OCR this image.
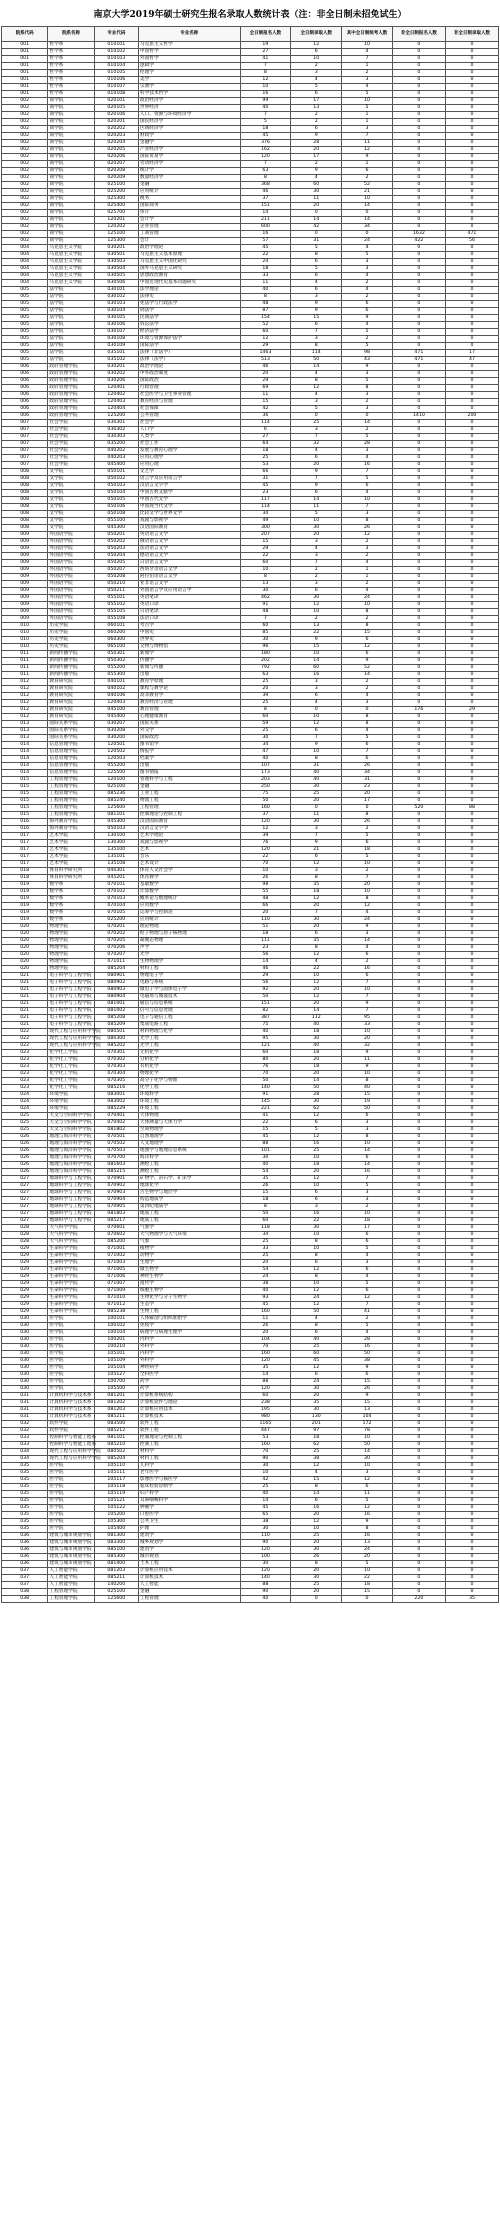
南京大学2019年硕士研究生报名录取人数统计表（注：非全日制未招免试生）
院系代码	院系名称	专业代码	专业名称	全日制报名人数	全日制录取人数	其中全日制统考人数	非全日制报名人数	非全日制录取人数
001	哲学系	010101	马克思主义哲学	19	12	10	0	0
001	哲学系	010102	中国哲学	27	6	4	0	0
001	哲学系	010103	外国哲学	41	10	7	0	0
001	哲学系	010104	逻辑学	7	2	1	0	0
001	哲学系	010105	伦理学	8	3	2	0	0
001	哲学系	010106	美学	12	4	3	0	0
001	哲学系	010107	宗教学	10	5	4	0	0
001	哲学系	010108	科学技术哲学	16	6	5	0	0
002	商学院	020101	政治经济学	99	17	10	0	0
002	商学院	020105	世界经济	40	13	5	0	0
002	商学院	020106	人口、资源与环境经济学	7	2	1	0	0
002	商学院	020201	国民经济学	5	2	1	0	0
002	商学院	020202	区域经济学	18	6	3	0	0
002	商学院	020203	财政学	45	9	7	0	0
002	商学院	020204	金融学	376	28	11	0	0
002	商学院	020205	产业经济学	162	20	12	0	0
002	商学院	020206	国际贸易学	120	17	9	0	0
002	商学院	020207	劳动经济学	7	2	1	0	0
002	商学院	020208	统计学	63	9	6	0	0
002	商学院	020209	数量经济学	8	4	2	0	0
002	商学院	025100	金融	368	60	52	0	0
002	商学院	025200	应用统计	46	30	21	0	0
002	商学院	025300	税务	37	11	10	0	0
002	商学院	025400	国际商务	151	20	14	0	0
002	商学院	025700	审计	14	0	0	0	0
002	商学院	120201	会计学	211	14	14	0	0
002	商学院	120202	企业管理	600	42	34	0	0
002	商学院	125100	工商管理	16	0	0	1632	471
002	商学院	125300	会计	57	31	24	422	56
004	马克思主义学院	030201	政治学理论	45	5	4	0	0
004	马克思主义学院	030501	马克思主义基本原理	22	8	5	0	0
004	马克思主义学院	030503	马克思主义中国化研究	24	6	3	0	0
004	马克思主义学院	030504	国外马克思主义研究	18	5	3	0	0
004	马克思主义学院	030505	思想政治教育	33	6	4	0	0
004	马克思主义学院	030506	中国近现代史基本问题研究	11	4	2	0	0
005	法学院	030101	法学理论	40	6	4	0	0
005	法学院	030102	法律史	8	3	2	0	0
005	法学院	030103	宪法学与行政法学	48	9	6	0	0
005	法学院	030104	刑法学	87	9	6	0	0
005	法学院	030105	民商法学	154	15	9	0	0
005	法学院	030106	诉讼法学	52	6	4	0	0
005	法学院	030107	经济法学	60	7	5	0	0
005	法学院	030108	环境与资源保护法学	12	3	2	0	0
005	法学院	030109	国际法学	29	8	5	0	0
005	法学院	035101	法律（非法学）	1463	114	98	471	17
005	法学院	035102	法律（法学）	513	50	43	471	47
006	政府管理学院	030201	政治学理论	46	14	9	0	0
006	政府管理学院	030202	中外政治制度	20	4	3	0	0
006	政府管理学院	030206	国际政治	29	8	5	0	0
006	政府管理学院	120401	行政管理	69	12	8	0	0
006	政府管理学院	120402	社会医学与卫生事业管理	11	4	3	0	0
006	政府管理学院	120403	教育经济与管理	15	3	2	0	0
006	政府管理学院	120404	社会保障	42	5	3	0	0
006	政府管理学院	125200	公共管理	36	0	0	1410	200
007	社会学院	030301	社会学	114	25	14	0	0
007	社会学院	030302	人口学	6	3	2	0	0
007	社会学院	030303	人类学	27	7	5	0	0
007	社会学院	035200	社会工作	64	32	28	0	0
007	社会学院	040202	发展与教育心理学	18	4	3	0	0
007	社会学院	040203	应用心理学	25	6	4	0	0
007	社会学院	045400	应用心理	53	20	16	0	0
008	文学院	050101	文艺学	66	9	7	0	0
008	文学院	050102	语言学及应用语言学	31	7	5	0	0
008	文学院	050103	汉语言文字学	45	9	6	0	0
008	文学院	050104	中国古典文献学	23	6	4	0	0
008	文学院	050105	中国古代文学	117	14	10	0	0
008	文学院	050106	中国现当代文学	114	11	7	0	0
008	文学院	050108	比较文学与世界文学	34	5	3	0	0
008	文学院	055100	戏剧与影视学	49	10	8	0	0
008	文学院	045300	汉语国际教育	300	30	26	0	0
009	外国语学院	050201	英语语言文学	207	20	12	0	0
009	外国语学院	050202	俄语语言文学	15	3	2	0	0
009	外国语学院	050203	法语语言文学	29	4	3	0	0
009	外国语学院	050204	德语语言文学	22	3	2	0	0
009	外国语学院	050205	日语语言文学	60	7	4	0	0
009	外国语学院	050207	西班牙语语言文学	10	2	1	0	0
009	外国语学院	050208	阿拉伯语语言文学	8	2	1	0	0
009	外国语学院	050210	亚非语言文学	13	3	2	0	0
009	外国语学院	050211	外国语言学及应用语言学	30	6	4	0	0
009	外国语学院	055101	英语笔译	462	30	24	0	0
009	外国语学院	055102	英语口译	91	12	10	0	0
009	外国语学院	055105	日语笔译	48	10	8	0	0
009	外国语学院	055108	法语口译	7	2	2	0	0
010	历史学院	060101	考古学	60	13	8	0	0
010	历史学院	060200	中国史	85	22	15	0	0
010	历史学院	060300	世界史	30	9	6	0	0
010	历史学院	065100	文物与博物馆	96	15	12	0	0
011	新闻传播学院	050301	新闻学	180	10	6	0	0
011	新闻传播学院	050302	传播学	202	14	9	0	0
011	新闻传播学院	055200	新闻与传播	792	60	52	0	0
011	新闻传播学院	055300	出版	63	16	14	0	0
012	教育研究院	040101	教育学原理	25	3	2	0	0
012	教育研究院	040102	课程与教学论	20	3	2	0	0
012	教育研究院	040106	高等教育学	39	6	4	0	0
012	教育研究院	120403	教育经济与管理	25	4	3	0	0
012	教育研究院	045100	教育管理	8	0	0	176	29
012	教育研究院	045400	心理健康教育	60	10	8	0	0
013	国际关系学院	030207	国际关系	59	12	8	0	0
013	国际关系学院	030208	外交学	25	6	4	0	0
013	国际关系学院	030200	国际政治	30	7	5	0	0
014	信息管理学院	120501	图书馆学	34	9	6	0	0
014	信息管理学院	120502	情报学	47	10	7	0	0
014	信息管理学院	120503	档案学	40	8	6	0	0
014	信息管理学院	055200	出版	107	31	26	0	0
014	信息管理学院	125500	图书情报	173	40	34	0	0
015	工程管理学院	120100	管理科学与工程	203	40	31	0	0
015	工程管理学院	025100	金融	250	30	23	0	0
015	工程管理学院	085236	工业工程	75	25	20	0	0
015	工程管理学院	085240	物流工程	50	20	17	0	0
015	工程管理学院	125600	工程管理	160	0	0	520	88
015	工程管理学院	081101	控制理论与控制工程	37	11	8	0	0
016	海外教育学院	045300	汉语国际教育	120	30	26	0	0
016	海外教育学院	050103	汉语言文字学	12	3	2	0	0
017	艺术学院	130100	艺术学理论	39	7	5	0	0
017	艺术学院	130300	戏剧与影视学	76	9	6	0	0
017	艺术学院	135100	艺术	120	21	18	0	0
017	艺术学院	135101	音乐	22	6	5	0	0
017	艺术学院	135108	艺术设计	70	12	10	0	0
018	体育科学研究所	040301	体育人文社会学	10	3	2	0	0
018	体育科学研究所	045201	体育教学	26	8	7	0	0
019	数学系	070101	基础数学	98	35	20	0	0
019	数学系	070102	计算数学	55	18	10	0	0
019	数学系	070103	概率论与数理统计	48	12	8	0	0
019	数学系	070104	应用数学	66	20	12	0	0
019	数学系	070105	运筹学与控制论	20	7	4	0	0
019	数学系	025200	应用统计	110	30	24	0	0
020	物理学院	070201	理论物理	51	20	9	0	0
020	物理学院	070202	粒子物理与原子核物理	18	6	3	0	0
020	物理学院	070205	凝聚态物理	111	35	14	0	0
020	物理学院	070206	声学	23	8	4	0	0
020	物理学院	070207	光学	56	12	6	0	0
020	物理学院	071011	生物物理学	14	4	2	0	0
020	物理学院	085204	材料工程	46	22	16	0	0
021	电子科学与工程学院	080901	物理电子学	29	10	6	0	0
021	电子科学与工程学院	080902	电路与系统	56	12	7	0	0
021	电子科学与工程学院	080903	微电子学与固体电子学	92	20	10	0	0
021	电子科学与工程学院	080904	电磁场与微波技术	50	12	7	0	0
021	电子科学与工程学院	081001	通信与信息系统	151	20	9	0	0
021	电子科学与工程学院	081002	信号与信息处理	82	14	7	0	0
021	电子科学与工程学院	085208	电子与通信工程	387	112	95	0	0
021	电子科学与工程学院	085209	集成电路工程	75	40	33	0	0
022	现代工程与应用科学学院	080501	材料物理与化学	40	18	10	0	0
022	现代工程与应用科学学院	080300	光学工程	95	30	20	0	0
022	现代工程与应用科学学院	085202	光学工程	121	40	32	0	0
023	化学化工学院	070301	无机化学	60	18	9	0	0
023	化学化工学院	070302	分析化学	80	20	11	0	0
023	化学化工学院	070303	有机化学	76	18	9	0	0
023	化学化工学院	070304	物理化学	70	20	10	0	0
023	化学化工学院	070305	高分子化学与物理	50	14	8	0	0
023	化学化工学院	085216	化学工程	140	50	40	0	0
024	环境学院	083001	环境科学	91	28	15	0	0
024	环境学院	083002	环境工程	145	30	19	0	0
024	环境学院	085229	环境工程	221	62	50	0	0
025	天文与空间科学学院	070401	天体物理	41	12	6	0	0
025	天文与空间科学学院	070402	天体测量与天体力学	22	6	3	0	0
025	天文与空间科学学院	081802	空间物理学	15	5	3	0	0
026	地理与海洋科学学院	070501	自然地理学	45	12	8	0	0
026	地理与海洋科学学院	070502	人文地理学	88	16	10	0	0
026	地理与海洋科学学院	070503	地图学与地理信息系统	101	25	14	0	0
026	地理与海洋科学学院	070700	海洋科学	30	10	6	0	0
026	地理与海洋科学学院	081603	测绘工程	40	18	14	0	0
026	地理与海洋科学学院	085215	测绘工程	54	20	16	0	0
027	地球科学与工程学院	070901	矿物学、岩石学、矿床学	35	12	7	0	0
027	地球科学与工程学院	070902	地球化学	26	10	5	0	0
027	地球科学与工程学院	070903	古生物学与地层学	15	6	3	0	0
027	地球科学与工程学院	070904	构造地质学	18	6	3	0	0
027	地球科学与工程学院	070905	第四纪地质学	8	3	2	0	0
027	地球科学与工程学院	081803	地质工程	50	16	10	0	0
027	地球科学与工程学院	085217	地质工程	60	22	18	0	0
028	大气科学学院	070601	气象学	118	30	17	0	0
028	大气科学学院	070602	大气物理学与大气环境	34	10	6	0	0
028	大气科学学院	085200	气象	25	8	6	0	0
029	生命科学学院	071001	植物学	33	10	5	0	0
029	生命科学学院	071002	动物学	25	8	4	0	0
029	生命科学学院	071003	生理学	20	6	3	0	0
029	生命科学学院	071005	微生物学	54	12	6	0	0
029	生命科学学院	071006	神经生物学	24	8	4	0	0
029	生命科学学院	071007	遗传学	38	10	5	0	0
029	生命科学学院	071009	细胞生物学	40	12	6	0	0
029	生命科学学院	071010	生物化学与分子生物学	93	24	12	0	0
029	生命科学学院	071012	生态学	45	12	7	0	0
029	生命科学学院	085238	生物工程	160	50	41	0	0
030	医学院	100101	人体解剖与组织胚胎学	11	4	2	0	0
030	医学院	100102	免疫学	26	8	5	0	0
030	医学院	100104	病理学与病理生理学	20	6	4	0	0
030	医学院	100201	内科学	104	40	28	0	0
030	医学院	100210	外科学	70	25	16	0	0
030	医学院	105101	内科学	160	60	50	0	0
030	医学院	105109	外科学	120	45	38	0	0
030	医学院	105104	神经病学	35	12	9	0	0
030	医学院	105127	全科医学	14	6	6	0	0
030	医学院	100700	药学	88	24	15	0	0
030	医学院	105500	药学	120	30	26	0	0
031	计算机科学与技术系	081201	计算机系统结构	60	20	9	0	0
031	计算机科学与技术系	081202	计算机软件与理论	238	35	15	0	0
031	计算机科学与技术系	081203	计算机应用技术	195	30	13	0	0
031	计算机科学与技术系	085211	计算机技术	980	130	104	0	0
032	软件学院	083500	软件工程	1165	201	172	0	0
032	软件学院	085212	软件工程	447	97	78	0	0
033	控制科学与智能工程系	081101	控制理论与控制工程	53	18	10	0	0
033	控制科学与智能工程系	085210	控制工程	160	62	50	0	0
034	现代工程与应用科学学院	080502	材料学	70	25	14	0	0
034	现代工程与应用科学学院	085204	材料工程	90	38	30	0	0
035	医学院	105110	儿科学	30	12	10	0	0
035	医学院	105111	老年医学	10	4	3	0	0
035	医学院	105117	影像医学与核医学	42	15	12	0	0
035	医学院	105118	临床检验诊断学	25	8	6	0	0
035	医学院	105119	妇产科学	40	14	11	0	0
035	医学院	105121	耳鼻咽喉科学	14	6	5	0	0
035	医学院	105122	肿瘤学	45	16	12	0	0
035	医学院	105200	口腔医学	65	20	16	0	0
035	医学院	105300	公共卫生	38	12	9	0	0
035	医学院	105400	护理	30	10	8	0	0
036	建筑与城市规划学院	081300	建筑学	110	25	16	0	0
036	建筑与城市规划学院	083300	城乡规划学	90	20	13	0	0
036	建筑与城市规划学院	085100	建筑学	120	30	24	0	0
036	建筑与城市规划学院	085300	城市规划	100	26	20	0	0
036	建筑与城市规划学院	081400	土木工程	30	8	5	0	0
037	人工智能学院	081203	计算机应用技术	120	20	10	0	0
037	人工智能学院	085211	计算机技术	140	30	22	0	0
037	人工智能学院	140200	人工智能	88	25	18	0	0
038	工程管理学院	025100	金融	90	20	15	0	0
038	工程管理学院	125600	工程管理	40	0	0	220	35
